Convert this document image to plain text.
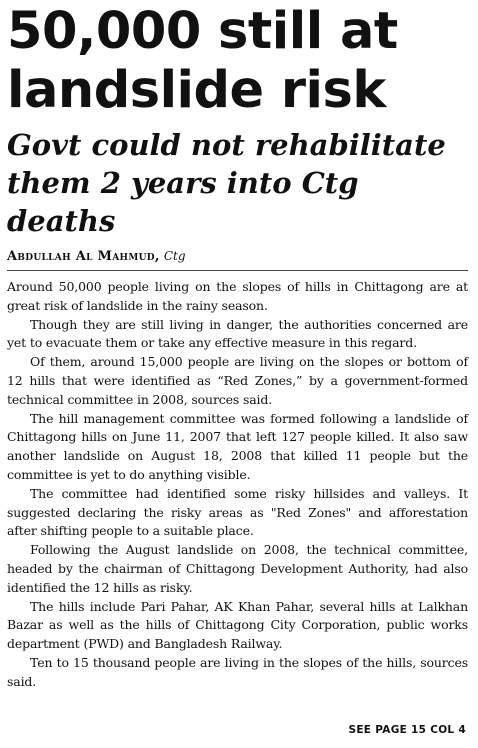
50,000 still at landslide risk
Govt could not rehabilitate them 2 years into Ctg deaths
Abdullah Al Mahmud, Ctg

Around 50,000 people living on the slopes of hills in Chittagong are at great risk of landslide in the rainy season.

Though they are still living in danger, the authorities concerned are yet to evacuate them or take any effective measure in this regard.

Of them, around 15,000 people are living on the slopes or bottom of 12 hills that were identified as “Red Zones,” by a government-formed technical committee in 2008, sources said.

The hill management committee was formed following a landslide of Chittagong hills on June 11, 2007 that left 127 people killed. It also saw another landslide on August 18, 2008 that killed 11 people but the committee is yet to do anything visible.

The committee had identified some risky hillsides and valleys. It suggested declaring the risky areas as "Red Zones" and afforestation after shifting people to a suitable place.

Following the August landslide on 2008, the technical committee, headed by the chairman of Chittagong Development Authority, had also identified the 12 hills as risky.

The hills include Pari Pahar, AK Khan Pahar, several hills at Lalkhan Bazar as well as the hills of Chittagong City Corporation, public works department (PWD) and Bangladesh Railway.

Ten to 15 thousand people are living in the slopes of the hills, sources said.

SEE PAGE 15 COL 4
